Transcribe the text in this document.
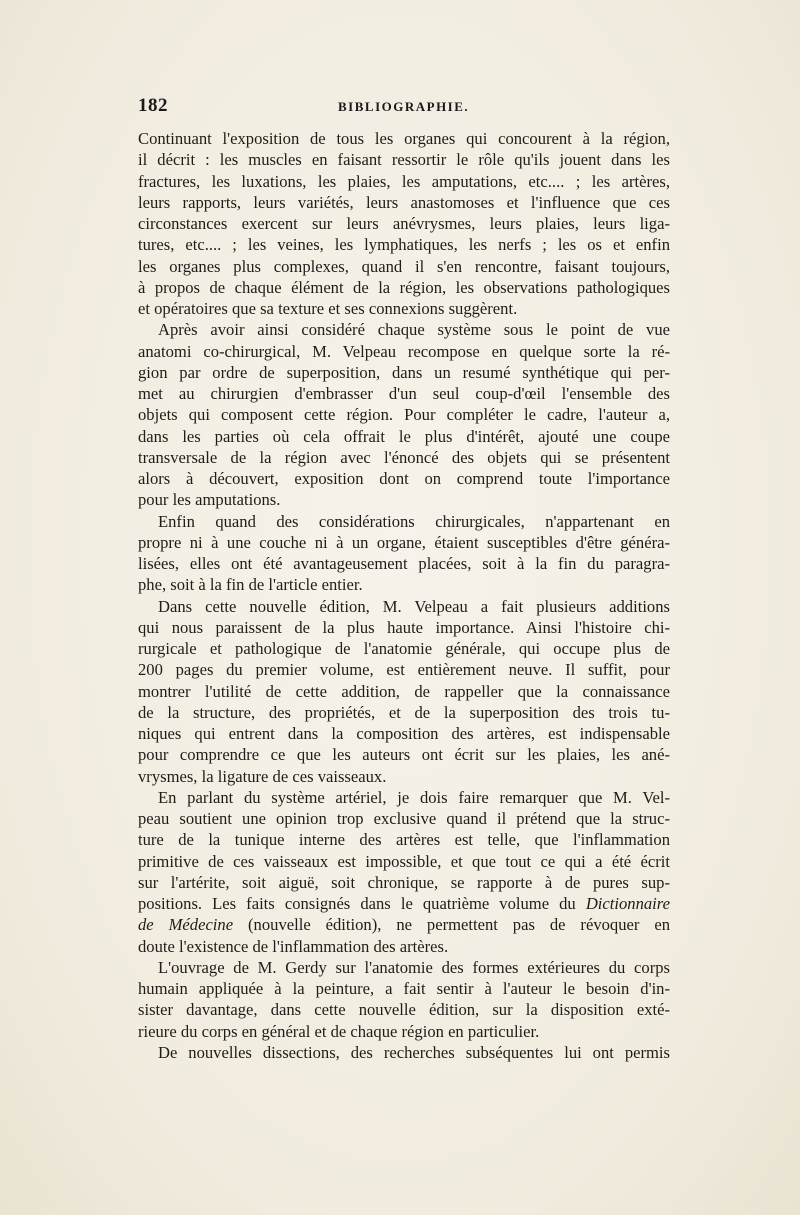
182	BIBLIOGRAPHIE.
Continuant l'exposition de tous les organes qui concourent à la région,
il décrit : les muscles en faisant ressortir le rôle qu'ils jouent dans les
fractures, les luxations, les plaies, les amputations, etc.... ; les artères,
leurs rapports, leurs variétés, leurs anastomoses et l'influence que ces
circonstances exercent sur leurs anévrysmes, leurs plaies, leurs liga-
tures, etc.... ; les veines, les lymphatiques, les nerfs ; les os et enfin
les organes plus complexes, quand il s'en rencontre, faisant toujours,
à propos de chaque élément de la région, les observations pathologiques
et opératoires que sa texture et ses connexions suggèrent.
Après avoir ainsi considéré chaque système sous le point de vue
anatomi co-chirurgical, M. Velpeau recompose en quelque sorte la ré-
gion par ordre de superposition, dans un resumé synthétique qui per-
met au chirurgien d'embrasser d'un seul coup-d'œil l'ensemble des
objets qui composent cette région. Pour compléter le cadre, l'auteur a,
dans les parties où cela offrait le plus d'intérêt, ajouté une coupe
transversale de la région avec l'énoncé des objets qui se présentent
alors à découvert, exposition dont on comprend toute l'importance
pour les amputations.
Enfin quand des considérations chirurgicales, n'appartenant en
propre ni à une couche ni à un organe, étaient susceptibles d'être généra-
lisées, elles ont été avantageusement placées, soit à la fin du paragra-
phe, soit à la fin de l'article entier.
Dans cette nouvelle édition, M. Velpeau a fait plusieurs additions
qui nous paraissent de la plus haute importance. Ainsi l'histoire chi-
rurgicale et pathologique de l'anatomie générale, qui occupe plus de
200 pages du premier volume, est entièrement neuve. Il suffit, pour
montrer l'utilité de cette addition, de rappeller que la connaissance
de la structure, des propriétés, et de la superposition des trois tu-
niques qui entrent dans la composition des artères, est indispensable
pour comprendre ce que les auteurs ont écrit sur les plaies, les ané-
vrysmes, la ligature de ces vaisseaux.
En parlant du système artériel, je dois faire remarquer que M. Vel-
peau soutient une opinion trop exclusive quand il prétend que la struc-
ture de la tunique interne des artères est telle, que l'inflammation
primitive de ces vaisseaux est impossible, et que tout ce qui a été écrit
sur l'artérite, soit aiguë, soit chronique, se rapporte à de pures sup-
positions. Les faits consignés dans le quatrième volume du Dictionnaire
de Médecine (nouvelle édition), ne permettent pas de révoquer en
doute l'existence de l'inflammation des artères.
L'ouvrage de M. Gerdy sur l'anatomie des formes extérieures du corps
humain appliquée à la peinture, a fait sentir à l'auteur le besoin d'in-
sister davantage, dans cette nouvelle édition, sur la disposition exté-
rieure du corps en général et de chaque région en particulier.
De nouvelles dissections, des recherches subséquentes lui ont permis
